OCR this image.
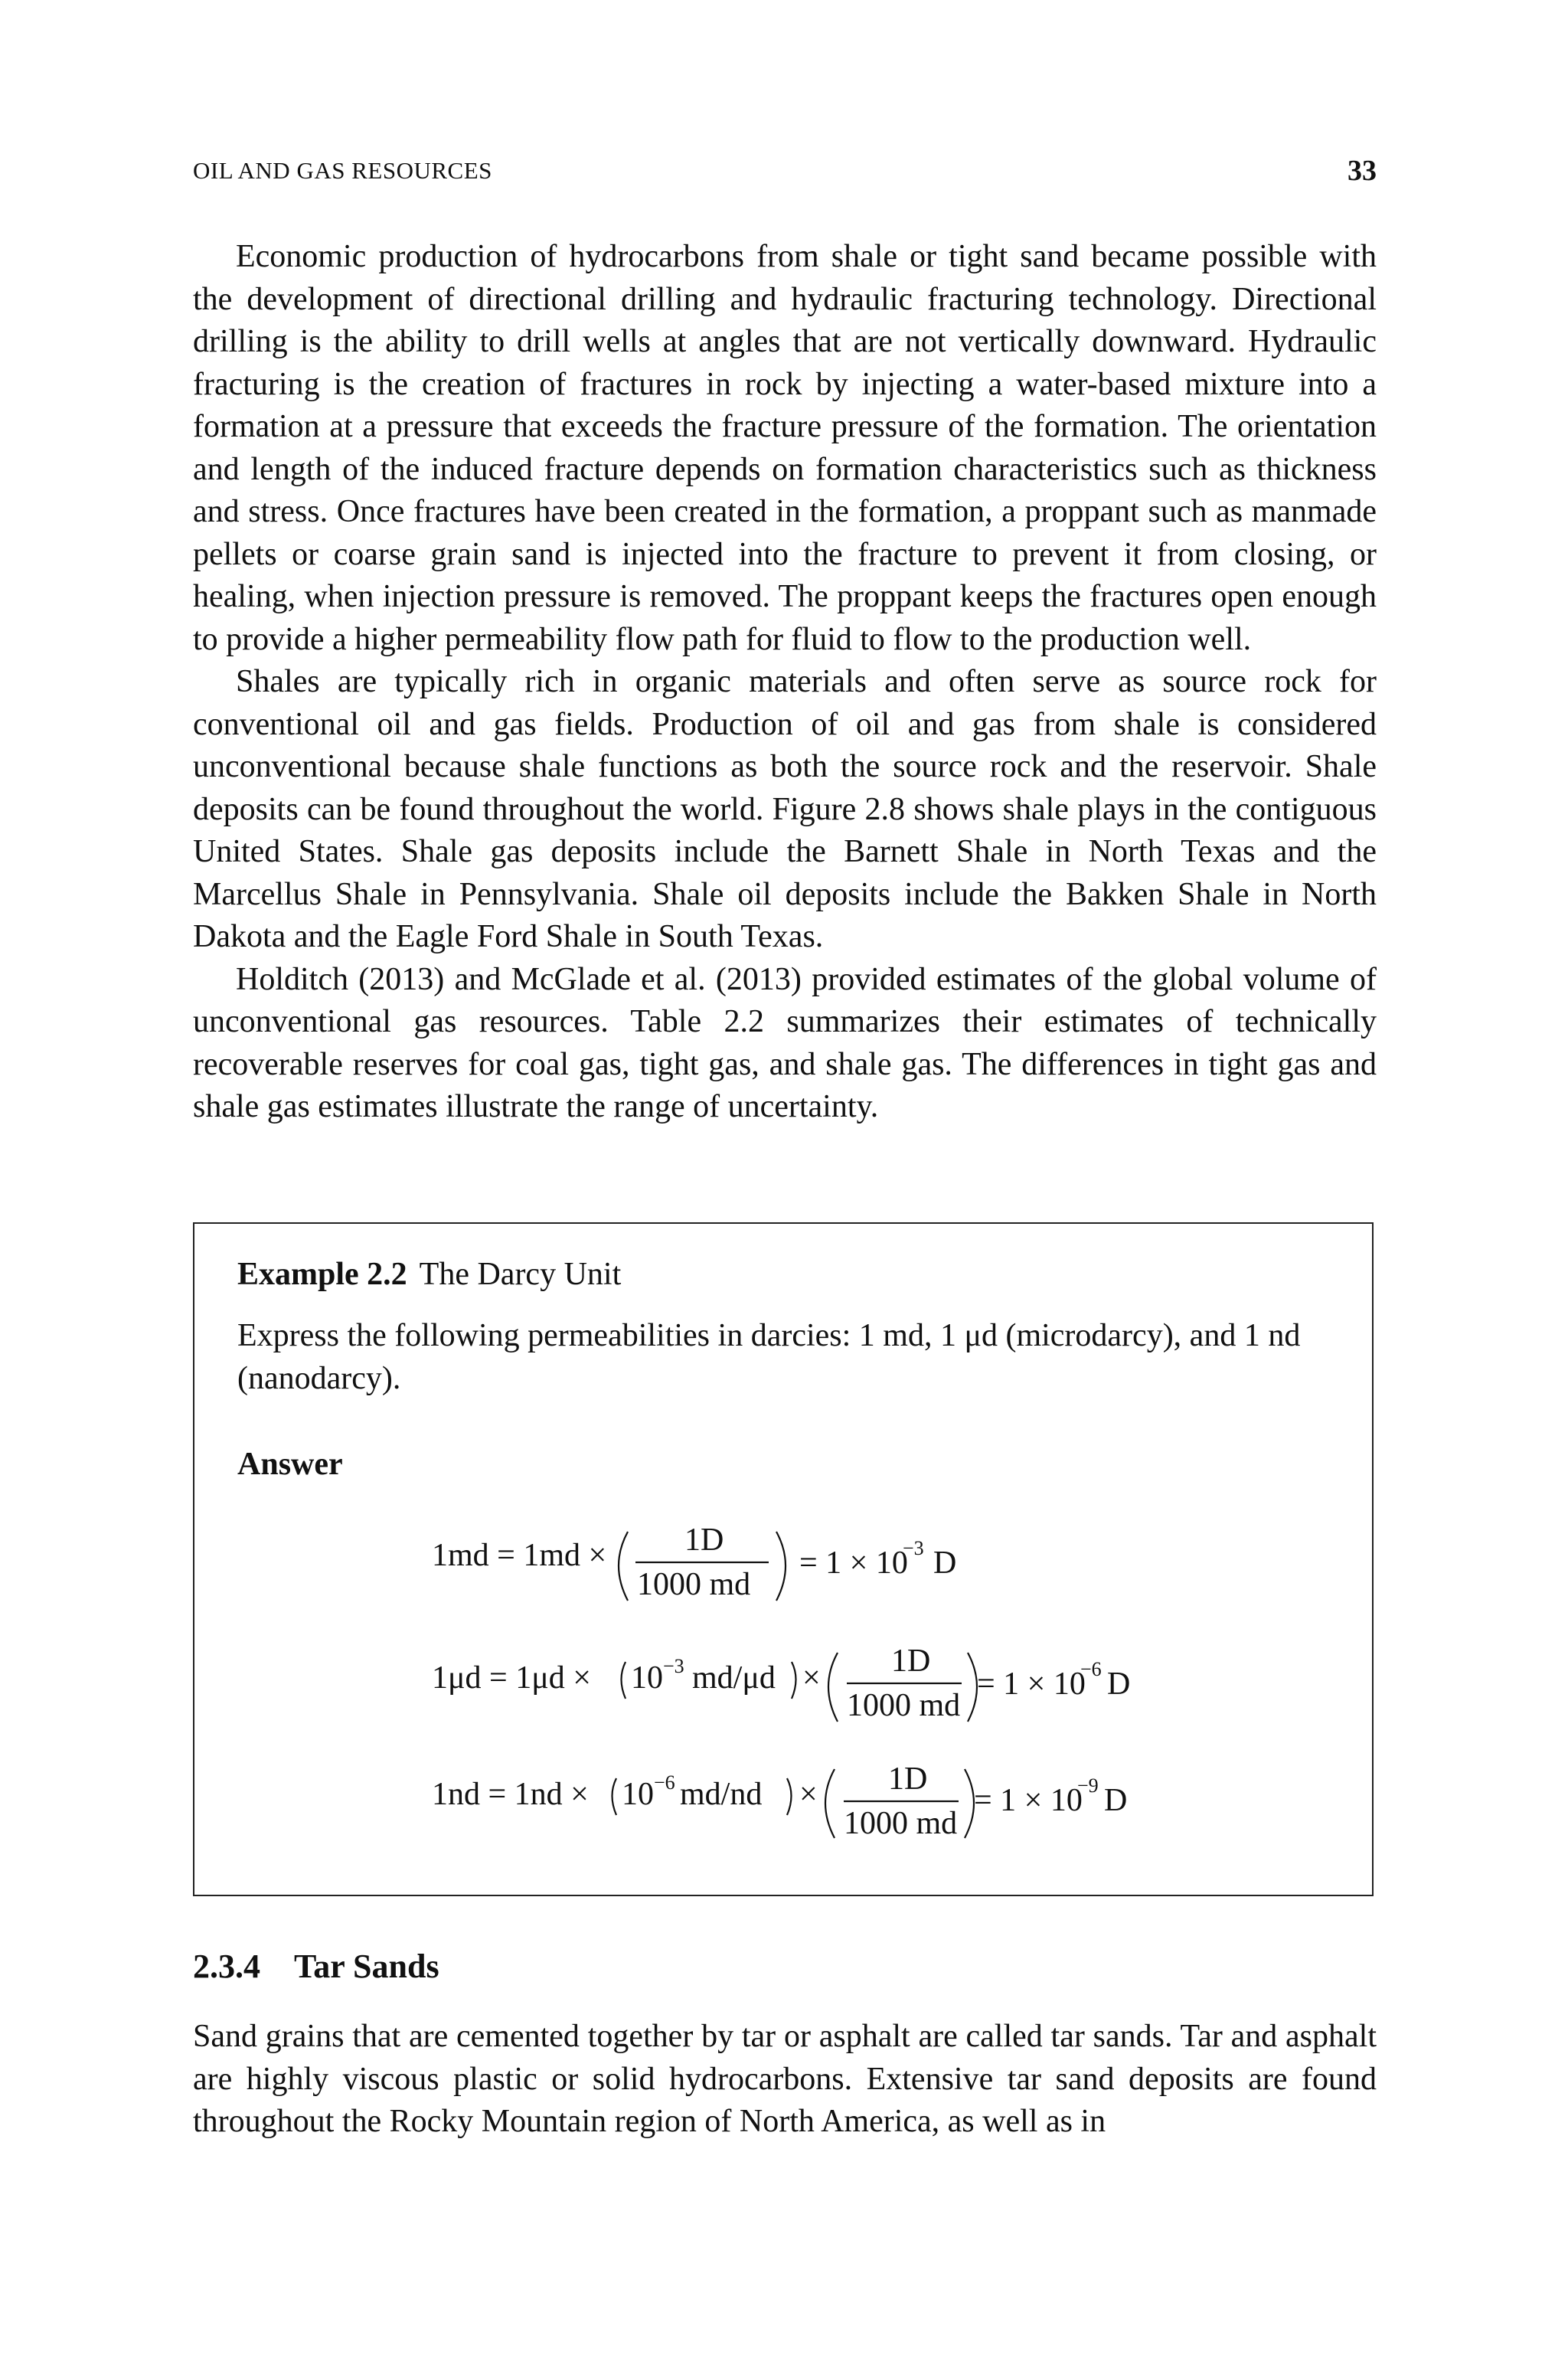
OIL AND GAS RESOURCES	33

Economic production of hydrocarbons from shale or tight sand became possible with the development of directional drilling and hydraulic fracturing technology. Directional drilling is the ability to drill wells at angles that are not vertically downward. Hydraulic fracturing is the creation of fractures in rock by injecting a water-based mixture into a formation at a pressure that exceeds the fracture pressure of the formation. The orientation and length of the induced fracture depends on formation characteristics such as thickness and stress. Once fractures have been created in the formation, a proppant such as manmade pellets or coarse grain sand is injected into the fracture to prevent it from closing, or healing, when injection pressure is removed. The proppant keeps the fractures open enough to provide a higher permeability flow path for fluid to flow to the production well.

Shales are typically rich in organic materials and often serve as source rock for conventional oil and gas fields. Production of oil and gas from shale is considered unconventional because shale functions as both the source rock and the reservoir. Shale deposits can be found throughout the world. Figure 2.8 shows shale plays in the contiguous United States. Shale gas deposits include the Barnett Shale in North Texas and the Marcellus Shale in Pennsylvania. Shale oil deposits include the Bakken Shale in North Dakota and the Eagle Ford Shale in South Texas.

Holditch (2013) and McGlade et al. (2013) provided estimates of the global volume of unconventional gas resources. Table 2.2 summarizes their estimates of technically recoverable reserves for coal gas, tight gas, and shale gas. The differences in tight gas and shale gas estimates illustrate the range of uncertainty.

Example 2.2 The Darcy Unit
Express the following permeabilities in darcies: 1 md, 1 μd (microdarcy), and 1 nd (nanodarcy).
Answer
1md = 1md × 1D
1000 md
= 1 × 10
−3 D
1μd = 1μd × 10 −3 md/μd × 1D
1000 md
= 1 × 10
−6 D
1nd = 1nd × 10 −6 md/nd × 1D
1000 md
= 1 × 10
−9 D
2.3.4 Tar Sands

Sand grains that are cemented together by tar or asphalt are called tar sands. Tar and asphalt are highly viscous plastic or solid hydrocarbons. Extensive tar sand deposits are found throughout the Rocky Mountain region of North America, as well as in
